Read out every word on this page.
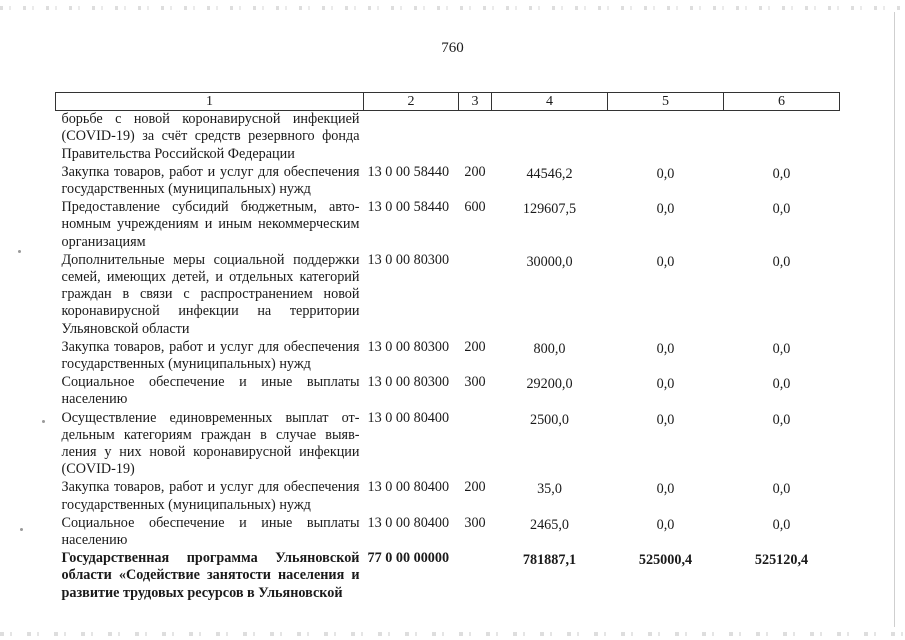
760
1	2	3	4	5	6
борьбе с новой коронавирусной инфекцией (COVID-19) за счёт средств резервного фонда Правительства Российской Федерации					
Закупка товаров, работ и услуг для обеспечения государственных (муниципальных) нужд	13 0 00 58440	200	44546,2	0,0	0,0
Предоставление субсидий бюджетным, автономным учреждениям и иным некоммерческим организациям	13 0 00 58440	600	129607,5	0,0	0,0
Дополнительные меры социальной поддержки семей, имеющих детей, и отдельных категорий граждан в связи с распространением новой коронавирусной инфекции на территории Ульяновской области	13 0 00 80300		30000,0	0,0	0,0
Закупка товаров, работ и услуг для обеспечения государственных (муниципальных) нужд	13 0 00 80300	200	800,0	0,0	0,0
Социальное обеспечение и иные выплаты населению	13 0 00 80300	300	29200,0	0,0	0,0
Осуществление единовременных выплат отдельным категориям граждан в случае выявления у них новой коронавирусной инфекции (COVID-19)	13 0 00 80400		2500,0	0,0	0,0
Закупка товаров, работ и услуг для обеспечения государственных (муниципальных) нужд	13 0 00 80400	200	35,0	0,0	0,0
Социальное обеспечение и иные выплаты населению	13 0 00 80400	300	2465,0	0,0	0,0
Государственная программа Ульяновской области «Содействие занятости населения и развитие трудовых ресурсов в Ульяновской	77 0 00 00000		781887,1	525000,4	525120,4
